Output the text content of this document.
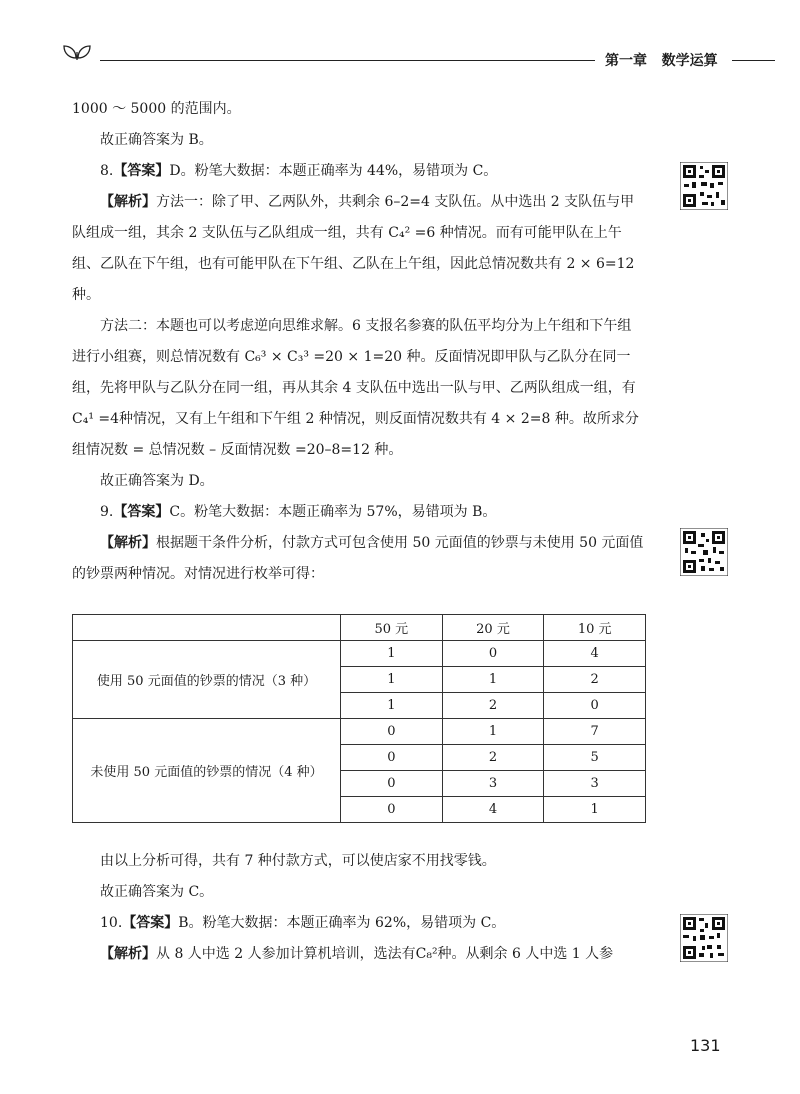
第一章 数学运算

1000 ～ 5000 的范围内。

故正确答案为 B。

8.【答案】D。粉笔大数据：本题正确率为 44%，易错项为 C。

【解析】方法一：除了甲、乙两队外，共剩余 6–2=4 支队伍。从中选出 2 支队伍与甲队组成一组，其余 2 支队伍与乙队组成一组，共有 C₄² =6 种情况。而有可能甲队在上午组、乙队在下午组，也有可能甲队在下午组、乙队在上午组，因此总情况数共有 2 × 6=12 种。

方法二：本题也可以考虑逆向思维求解。6 支报名参赛的队伍平均分为上午组和下午组进行小组赛，则总情况数有 C₆³ × C₃³ =20 × 1=20 种。反面情况即甲队与乙队分在同一组，先将甲队与乙队分在同一组，再从其余 4 支队伍中选出一队与甲、乙两队组成一组，有C₄¹ =4种情况，又有上午组和下午组 2 种情况，则反面情况数共有 4 × 2=8 种。故所求分组情况数 = 总情况数 – 反面情况数 =20–8=12 种。

故正确答案为 D。

9.【答案】C。粉笔大数据：本题正确率为 57%，易错项为 B。

【解析】根据题干条件分析，付款方式可包含使用 50 元面值的钞票与未使用 50 元面值的钞票两种情况。对情况进行枚举可得：

	50 元	20 元	10 元
使用 50 元面值的钞票的情况（3 种）	1	0	4
	1	1	2
	1	2	0
未使用 50 元面值的钞票的情况（4 种）	0	1	7
	0	2	5
	0	3	3
	0	4	1

由以上分析可得，共有 7 种付款方式，可以使店家不用找零钱。

故正确答案为 C。

10.【答案】B。粉笔大数据：本题正确率为 62%，易错项为 C。

【解析】从 8 人中选 2 人参加计算机培训，选法有C₈²种。从剩余 6 人中选 1 人参

131
